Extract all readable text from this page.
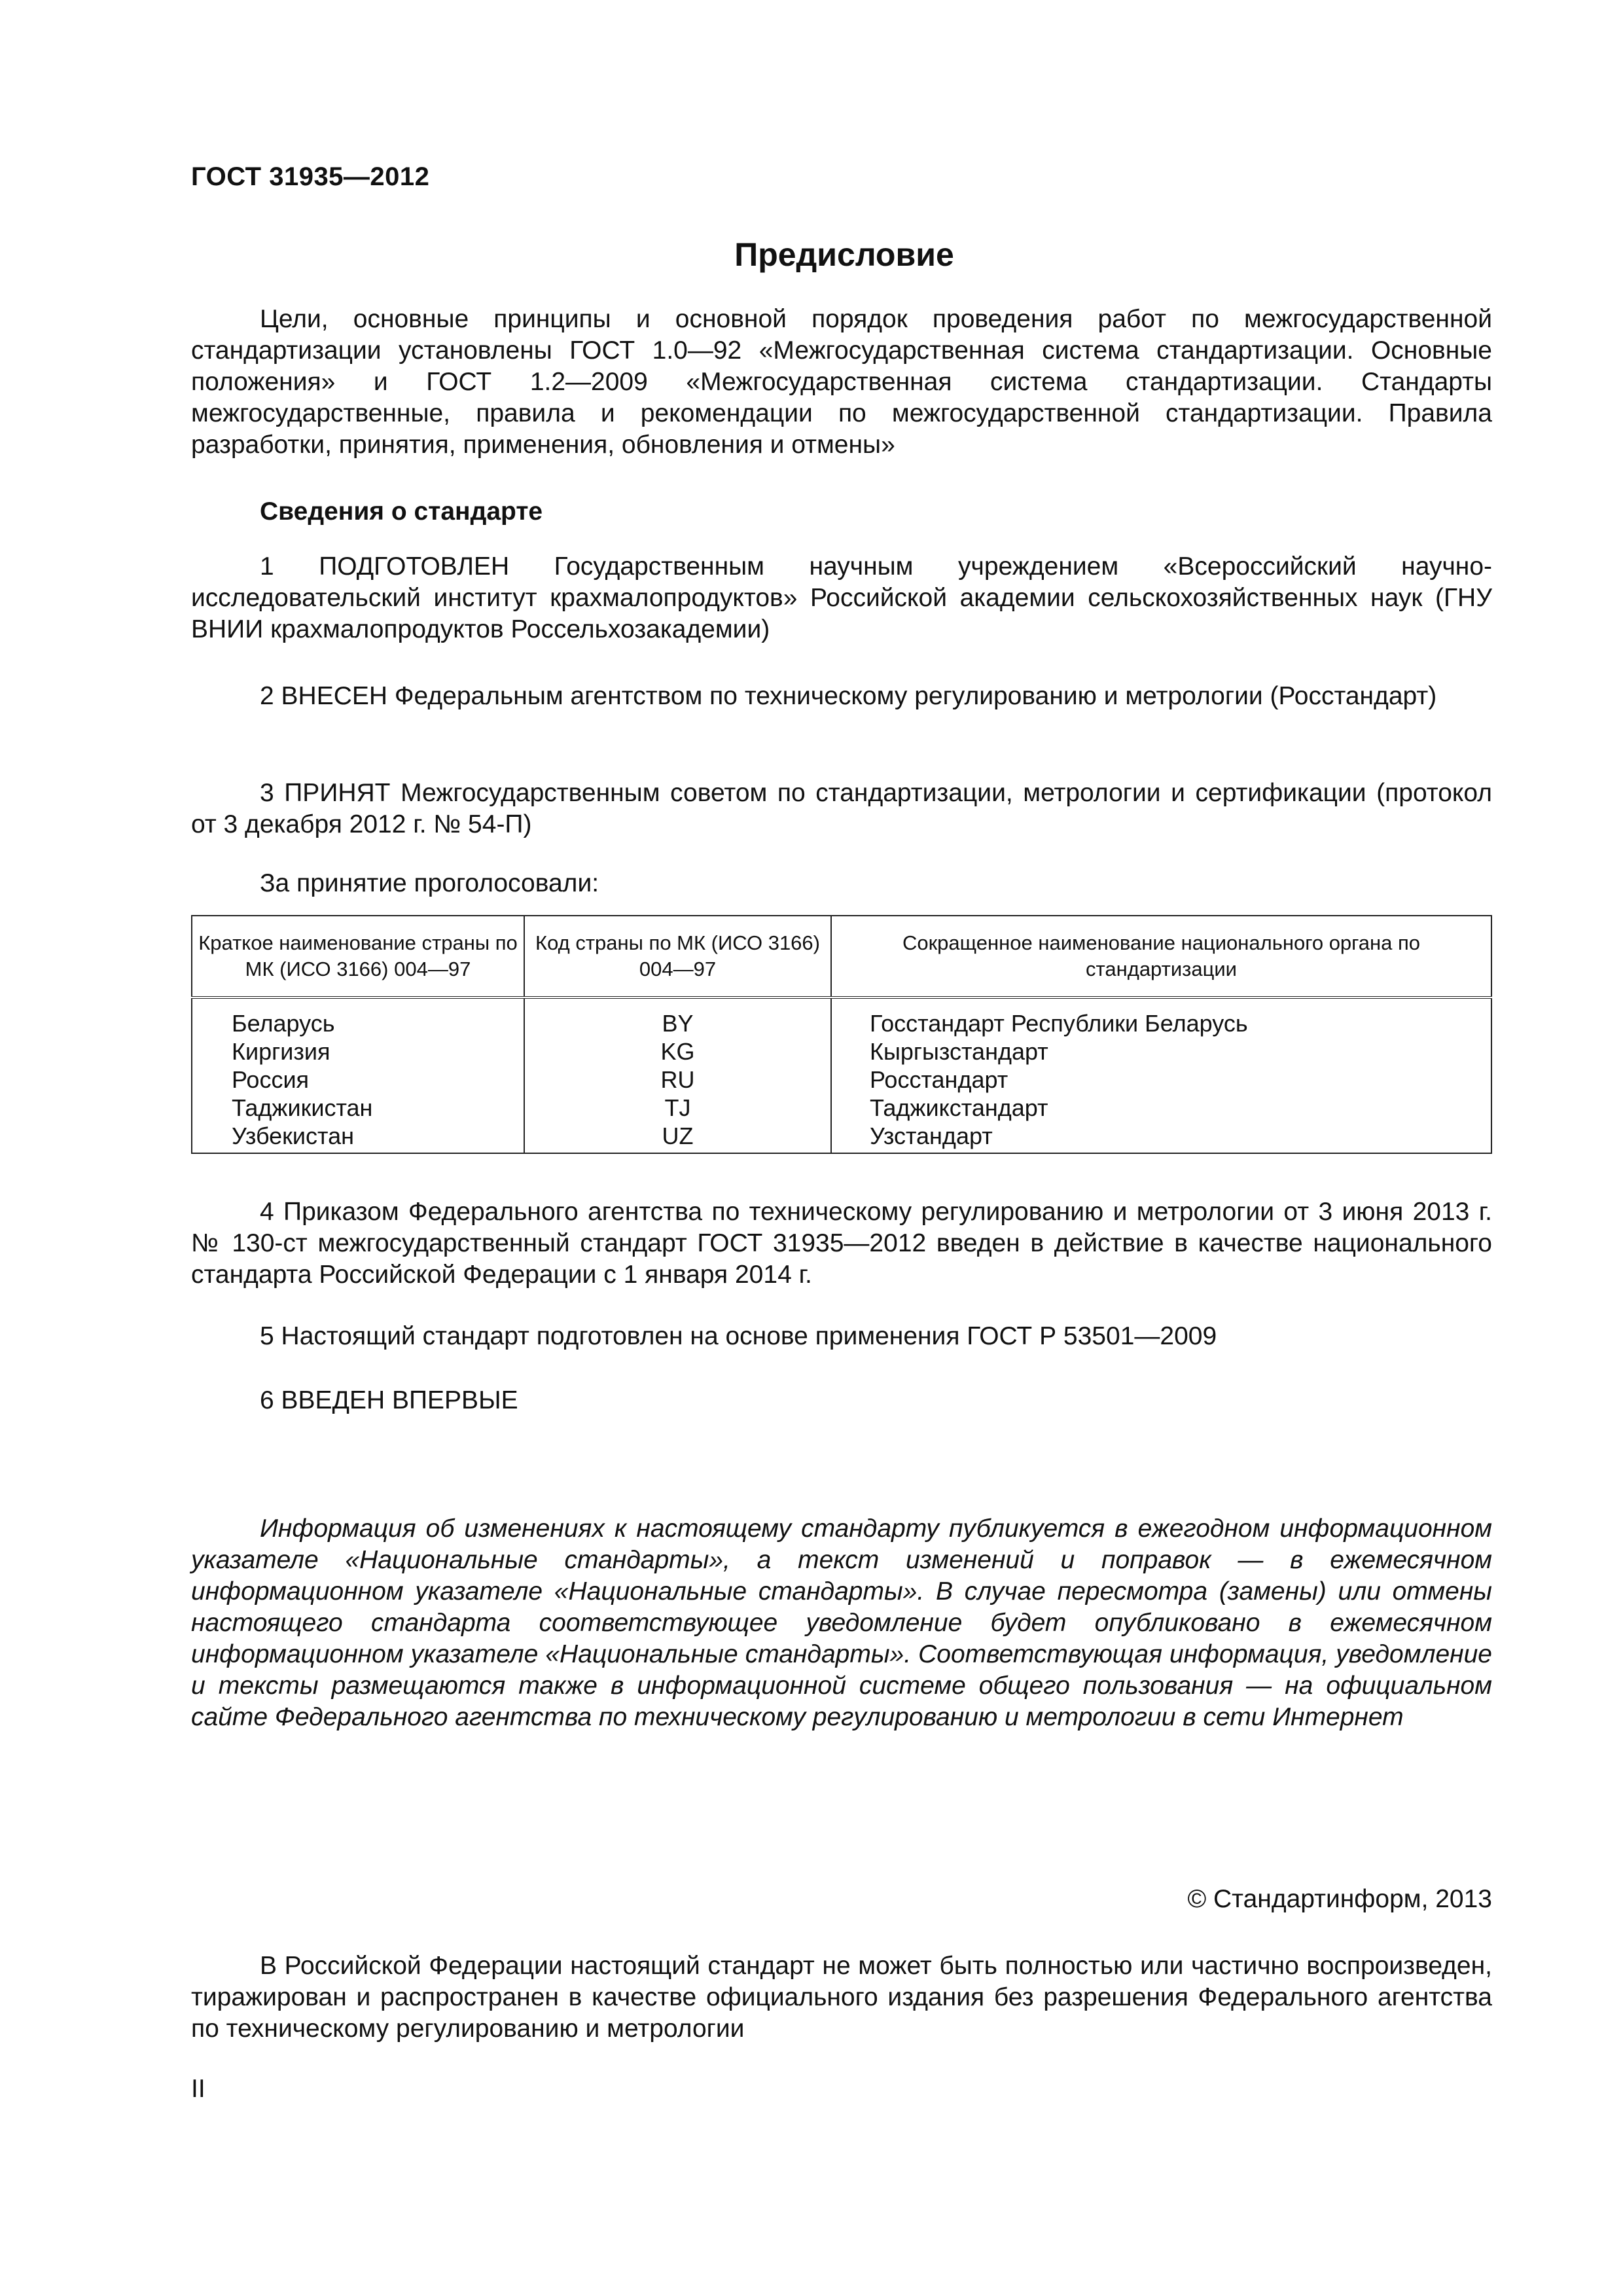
ГОСТ 31935—2012
Предисловие
Цели, основные принципы и основной порядок проведения работ по межгосударственной стандартизации установлены ГОСТ 1.0—92 «Межгосударственная система стандартизации. Основные положения» и ГОСТ 1.2—2009 «Межгосударственная система стандартизации. Стандарты межгосударственные, правила и рекомендации по межгосударственной стандартизации. Правила разработки, принятия, применения, обновления и отмены»
Сведения о стандарте
1 ПОДГОТОВЛЕН Государственным научным учреждением «Всероссийский научно-исследовательский институт крахмалопродуктов» Российской академии сельскохозяйственных наук (ГНУ ВНИИ крахмалопродуктов Россельхозакадемии)
2 ВНЕСЕН Федеральным агентством по техническому регулированию и метрологии (Росстандарт)
3 ПРИНЯТ Межгосударственным советом по стандартизации, метрологии и сертификации (протокол от 3 декабря 2012 г. № 54-П)
За принятие проголосовали:
Краткое наименование страны по МК (ИСО 3166) 004—97	Код страны по МК (ИСО 3166) 004—97	Сокращенное наименование национального органа по стандартизации
Беларусь	BY	Госстандарт Республики Беларусь
Киргизия	KG	Кыргызстандарт
Россия	RU	Росстандарт
Таджикистан	TJ	Таджикстандарт
Узбекистан	UZ	Узстандарт
4 Приказом Федерального агентства по техническому регулированию и метрологии от 3 июня 2013 г. № 130-ст межгосударственный стандарт ГОСТ 31935—2012 введен в действие в качестве национального стандарта Российской Федерации с 1 января 2014 г.
5 Настоящий стандарт подготовлен на основе применения ГОСТ Р 53501—2009
6 ВВЕДЕН ВПЕРВЫЕ
Информация об изменениях к настоящему стандарту публикуется в ежегодном информационном указателе «Национальные стандарты», а текст изменений и поправок — в ежемесячном информационном указателе «Национальные стандарты». В случае пересмотра (замены) или отмены настоящего стандарта соответствующее уведомление будет опубликовано в ежемесячном информационном указателе «Национальные стандарты». Соответствующая информация, уведомление и тексты размещаются также в информационной системе общего пользования — на официальном сайте Федерального агентства по техническому регулированию и метрологии в сети Интернет
© Стандартинформ, 2013
В Российской Федерации настоящий стандарт не может быть полностью или частично воспроизведен, тиражирован и распространен в качестве официального издания без разрешения Федерального агентства по техническому регулированию и метрологии
II
